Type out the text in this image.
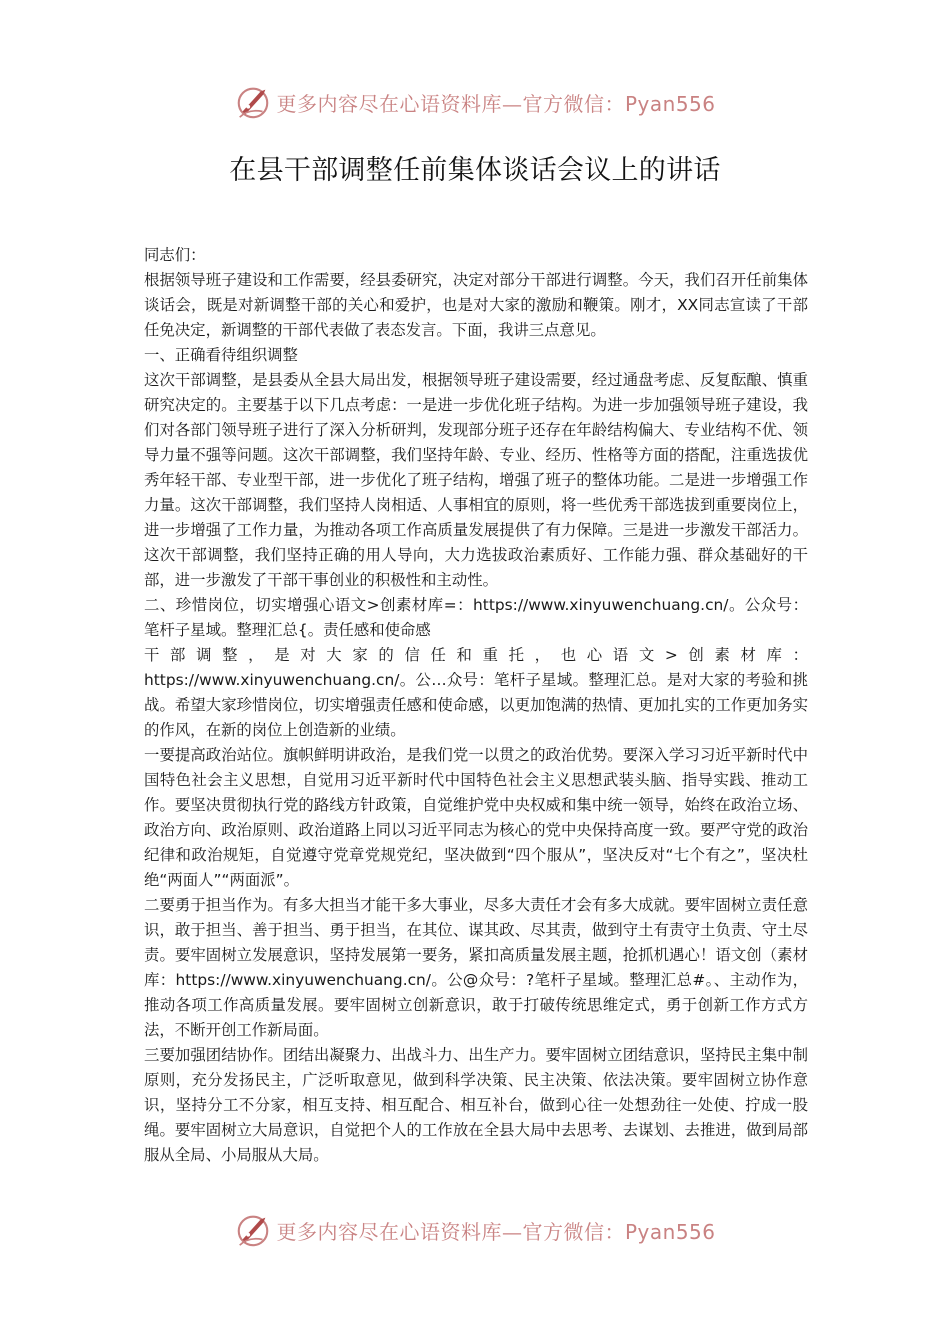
更多内容尽在心语资料库—官方微信：Pyan556
在县干部调整任前集体谈话会议上的讲话

同志们：

根据领导班子建设和工作需要，经县委研究，决定对部分干部进行调整。今天，我们召开任前集体谈话会，既是对新调整干部的关心和爱护，也是对大家的激励和鞭策。刚才，XX同志宣读了干部任免决定，新调整的干部代表做了表态发言。下面，我讲三点意见。

一、正确看待组织调整

这次干部调整，是县委从全县大局出发，根据领导班子建设需要，经过通盘考虑、反复酝酿、慎重研究决定的。主要基于以下几点考虑：一是进一步优化班子结构。为进一步加强领导班子建设，我们对各部门领导班子进行了深入分析研判，发现部分班子还存在年龄结构偏大、专业结构不优、领导力量不强等问题。这次干部调整，我们坚持年龄、专业、经历、性格等方面的搭配，注重选拔优秀年轻干部、专业型干部，进一步优化了班子结构，增强了班子的整体功能。二是进一步增强工作力量。这次干部调整，我们坚持人岗相适、人事相宜的原则，将一些优秀干部选拔到重要岗位上，进一步增强了工作力量，为推动各项工作高质量发展提供了有力保障。三是进一步激发干部活力。这次干部调整，我们坚持正确的用人导向，大力选拔政治素质好、工作能力强、群众基础好的干部，进一步激发了干部干事创业的积极性和主动性。

二、珍惜岗位，切实增强心语文>创素材库=：https://www.xinyuwenchuang.cn/。公众号：笔杆子星域。整理汇总{。责任感和使命感

干部调整，是对大家的信任和重托，也心语文>创素材库：https://www.xinyuwenchuang.cn/。公…众号：笔杆子星域。整理汇总。是对大家的考验和挑战。希望大家珍惜岗位，切实增强责任感和使命感，以更加饱满的热情、更加扎实的工作更加务实的作风，在新的岗位上创造新的业绩。

一要提高政治站位。旗帜鲜明讲政治，是我们党一以贯之的政治优势。要深入学习习近平新时代中国特色社会主义思想，自觉用习近平新时代中国特色社会主义思想武装头脑、指导实践、推动工作。要坚决贯彻执行党的路线方针政策，自觉维护党中央权威和集中统一领导，始终在政治立场、政治方向、政治原则、政治道路上同以习近平同志为核心的党中央保持高度一致。要严守党的政治纪律和政治规矩，自觉遵守党章党规党纪，坚决做到“四个服从”，坚决反对“七个有之”，坚决杜绝“两面人”“两面派”。

二要勇于担当作为。有多大担当才能干多大事业，尽多大责任才会有多大成就。要牢固树立责任意识，敢于担当、善于担当、勇于担当，在其位、谋其政、尽其责，做到守土有责守土负责、守土尽责。要牢固树立发展意识，坚持发展第一要务，紧扣高质量发展主题，抢抓机遇心！语文创（素材库：https://www.xinyuwenchuang.cn/。公@众号：?笔杆子星域。整理汇总#。、主动作为，推动各项工作高质量发展。要牢固树立创新意识，敢于打破传统思维定式，勇于创新工作方式方法，不断开创工作新局面。

三要加强团结协作。团结出凝聚力、出战斗力、出生产力。要牢固树立团结意识，坚持民主集中制原则，充分发扬民主，广泛听取意见，做到科学决策、民主决策、依法决策。要牢固树立协作意识，坚持分工不分家，相互支持、相互配合、相互补台，做到心往一处想劲往一处使、拧成一股绳。要牢固树立大局意识，自觉把个人的工作放在全县大局中去思考、去谋划、去推进，做到局部服从全局、小局服从大局。

更多内容尽在心语资料库—官方微信：Pyan556
